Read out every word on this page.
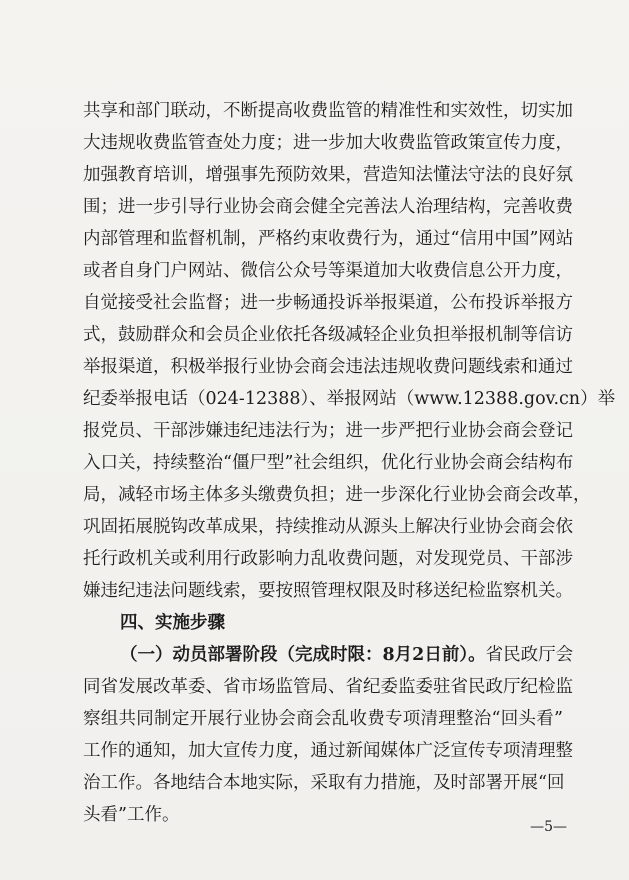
共享和部门联动，不断提高收费监管的精准性和实效性，切实加
大违规收费监管查处力度；进一步加大收费监管政策宣传力度，
加强教育培训，增强事先预防效果，营造知法懂法守法的良好氛
围；进一步引导行业协会商会健全完善法人治理结构，完善收费
内部管理和监督机制，严格约束收费行为，通过“信用中国”网站
或者自身门户网站、微信公众号等渠道加大收费信息公开力度，
自觉接受社会监督；进一步畅通投诉举报渠道，公布投诉举报方
式，鼓励群众和会员企业依托各级减轻企业负担举报机制等信访
举报渠道，积极举报行业协会商会违法违规收费问题线索和通过
纪委举报电话（024-12388）、举报网站（www.12388.gov.cn）举
报党员、干部涉嫌违纪违法行为；进一步严把行业协会商会登记
入口关，持续整治“僵尸型”社会组织，优化行业协会商会结构布
局，减轻市场主体多头缴费负担；进一步深化行业协会商会改革，
巩固拓展脱钩改革成果，持续推动从源头上解决行业协会商会依
托行政机关或利用行政影响力乱收费问题，对发现党员、干部涉
嫌违纪违法问题线索，要按照管理权限及时移送纪检监察机关。
四、实施步骤
（一）动员部署阶段（完成时限：8月2日前）。省民政厅会
同省发展改革委、省市场监管局、省纪委监委驻省民政厅纪检监
察组共同制定开展行业协会商会乱收费专项清理整治“回头看”
工作的通知，加大宣传力度，通过新闻媒体广泛宣传专项清理整
治工作。各地结合本地实际，采取有力措施，及时部署开展“回
头看”工作。
—5—
